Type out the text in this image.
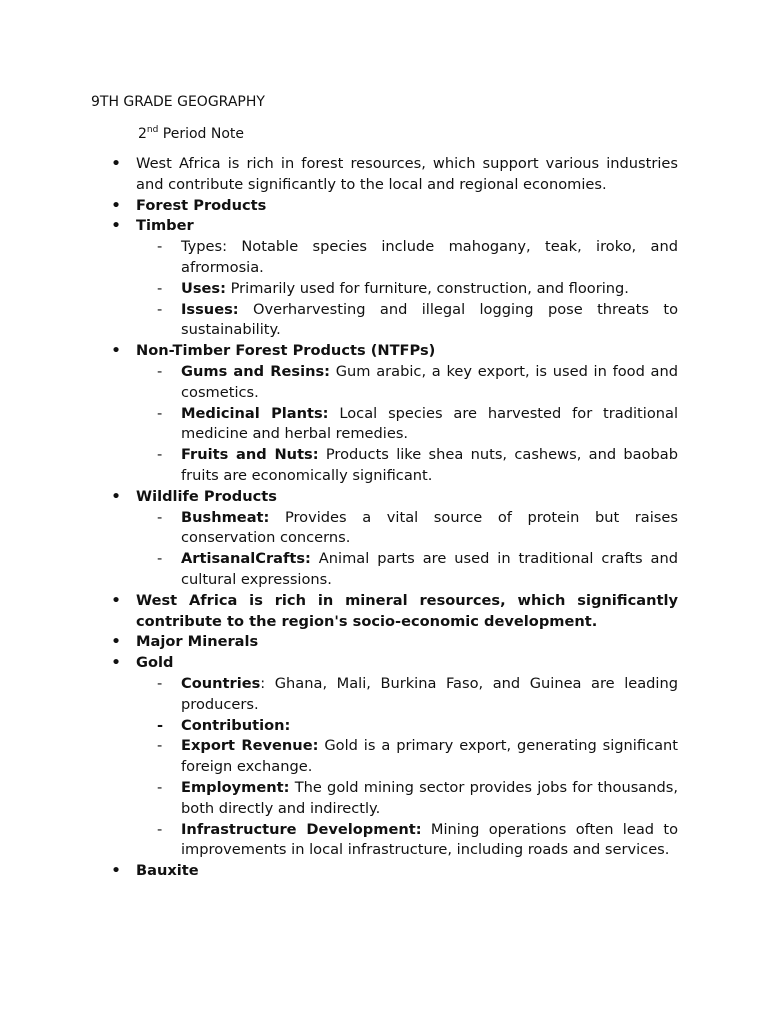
9TH GRADE GEOGRAPHY
2nd Period Note
• West Africa is rich in forest resources, which support various industries and contribute significantly to the local and regional economies.
• Forest Products
• Timber
- Types: Notable species include mahogany, teak, iroko, and afrormosia.
- Uses: Primarily used for furniture, construction, and flooring.
- Issues: Overharvesting and illegal logging pose threats to sustainability.
• Non-Timber Forest Products (NTFPs)
- Gums and Resins: Gum arabic, a key export, is used in food and cosmetics.
- Medicinal Plants: Local species are harvested for traditional medicine and herbal remedies.
- Fruits and Nuts: Products like shea nuts, cashews, and baobab fruits are economically significant.
• Wildlife Products
- Bushmeat: Provides a vital source of protein but raises conservation concerns.
- ArtisanalCrafts: Animal parts are used in traditional crafts and cultural expressions.
• West Africa is rich in mineral resources, which significantly contribute to the region's socio-economic development.
• Major Minerals
• Gold
- Countries: Ghana, Mali, Burkina Faso, and Guinea are leading producers.
- Contribution:
- Export Revenue: Gold is a primary export, generating significant foreign exchange.
- Employment: The gold mining sector provides jobs for thousands, both directly and indirectly.
- Infrastructure Development: Mining operations often lead to improvements in local infrastructure, including roads and services.
• Bauxite
